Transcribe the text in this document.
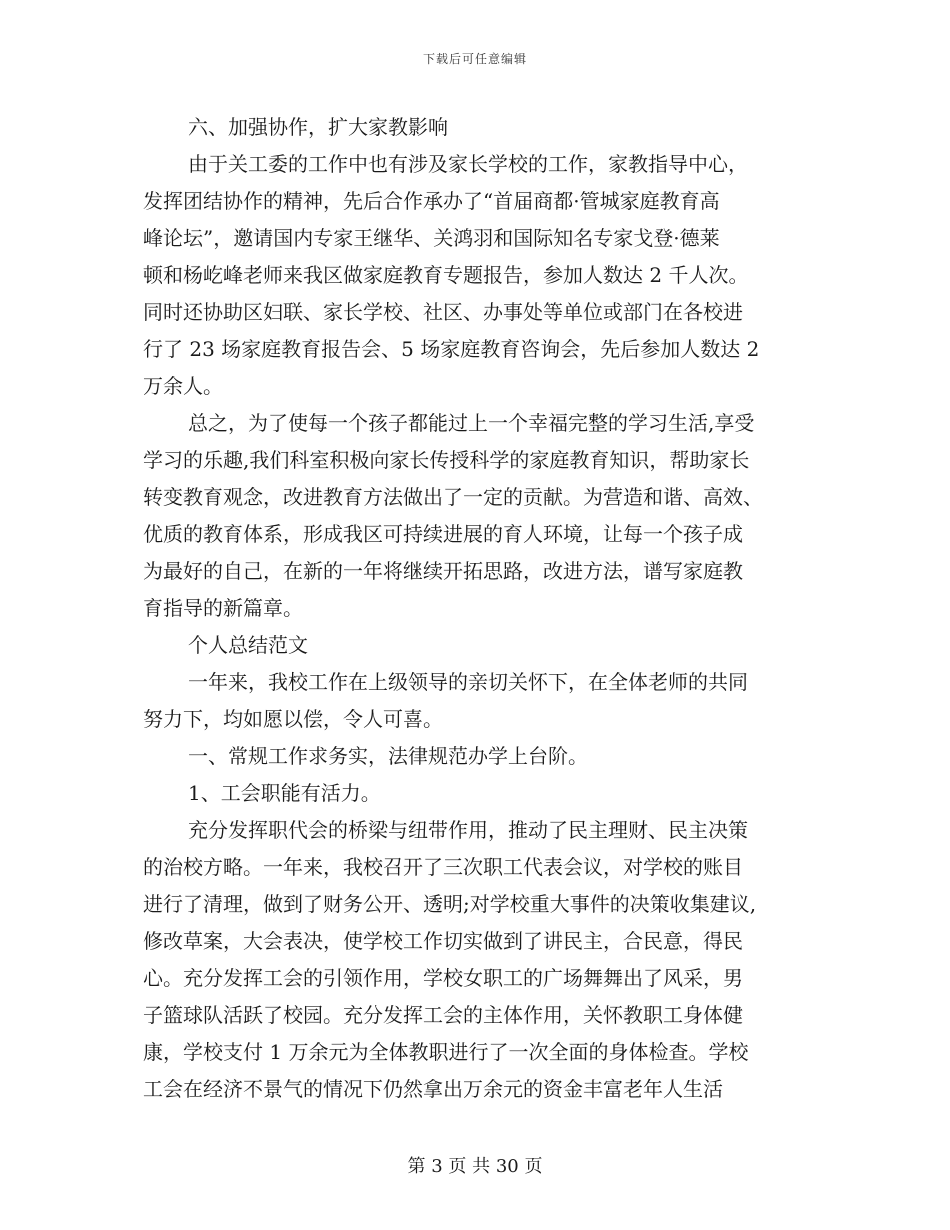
下载后可任意编辑
六、加强协作，扩大家教影响
由于关工委的工作中也有涉及家长学校的工作，家教指导中心，
发挥团结协作的精神，先后合作承办了“首届商都·管城家庭教育高
峰论坛”，邀请国内专家王继华、关鸿羽和国际知名专家戈登·德莱
顿和杨屹峰老师来我区做家庭教育专题报告，参加人数达 2 千人次。
同时还协助区妇联、家长学校、社区、办事处等单位或部门在各校进
行了 23 场家庭教育报告会、5 场家庭教育咨询会，先后参加人数达 2
万余人。
总之，为了使每一个孩子都能过上一个幸福完整的学习生活,享受
学习的乐趣,我们科室积极向家长传授科学的家庭教育知识，帮助家长
转变教育观念，改进教育方法做出了一定的贡献。为营造和谐、高效、
优质的教育体系，形成我区可持续进展的育人环境，让每一个孩子成
为最好的自己，在新的一年将继续开拓思路，改进方法，谱写家庭教
育指导的新篇章。
个人总结范文
一年来，我校工作在上级领导的亲切关怀下，在全体老师的共同
努力下，均如愿以偿，令人可喜。
一、常规工作求务实，法律规范办学上台阶。
1、工会职能有活力。
充分发挥职代会的桥梁与纽带作用，推动了民主理财、民主决策
的治校方略。一年来，我校召开了三次职工代表会议，对学校的账目
进行了清理，做到了财务公开、透明;对学校重大事件的决策收集建议,
修改草案，大会表决，使学校工作切实做到了讲民主，合民意，得民
心。充分发挥工会的引领作用，学校女职工的广场舞舞出了风采，男
子篮球队活跃了校园。充分发挥工会的主体作用，关怀教职工身体健
康，学校支付 1 万余元为全体教职进行了一次全面的身体检查。学校
工会在经济不景气的情况下仍然拿出万余元的资金丰富老年人生活
第 3 页 共 30 页
